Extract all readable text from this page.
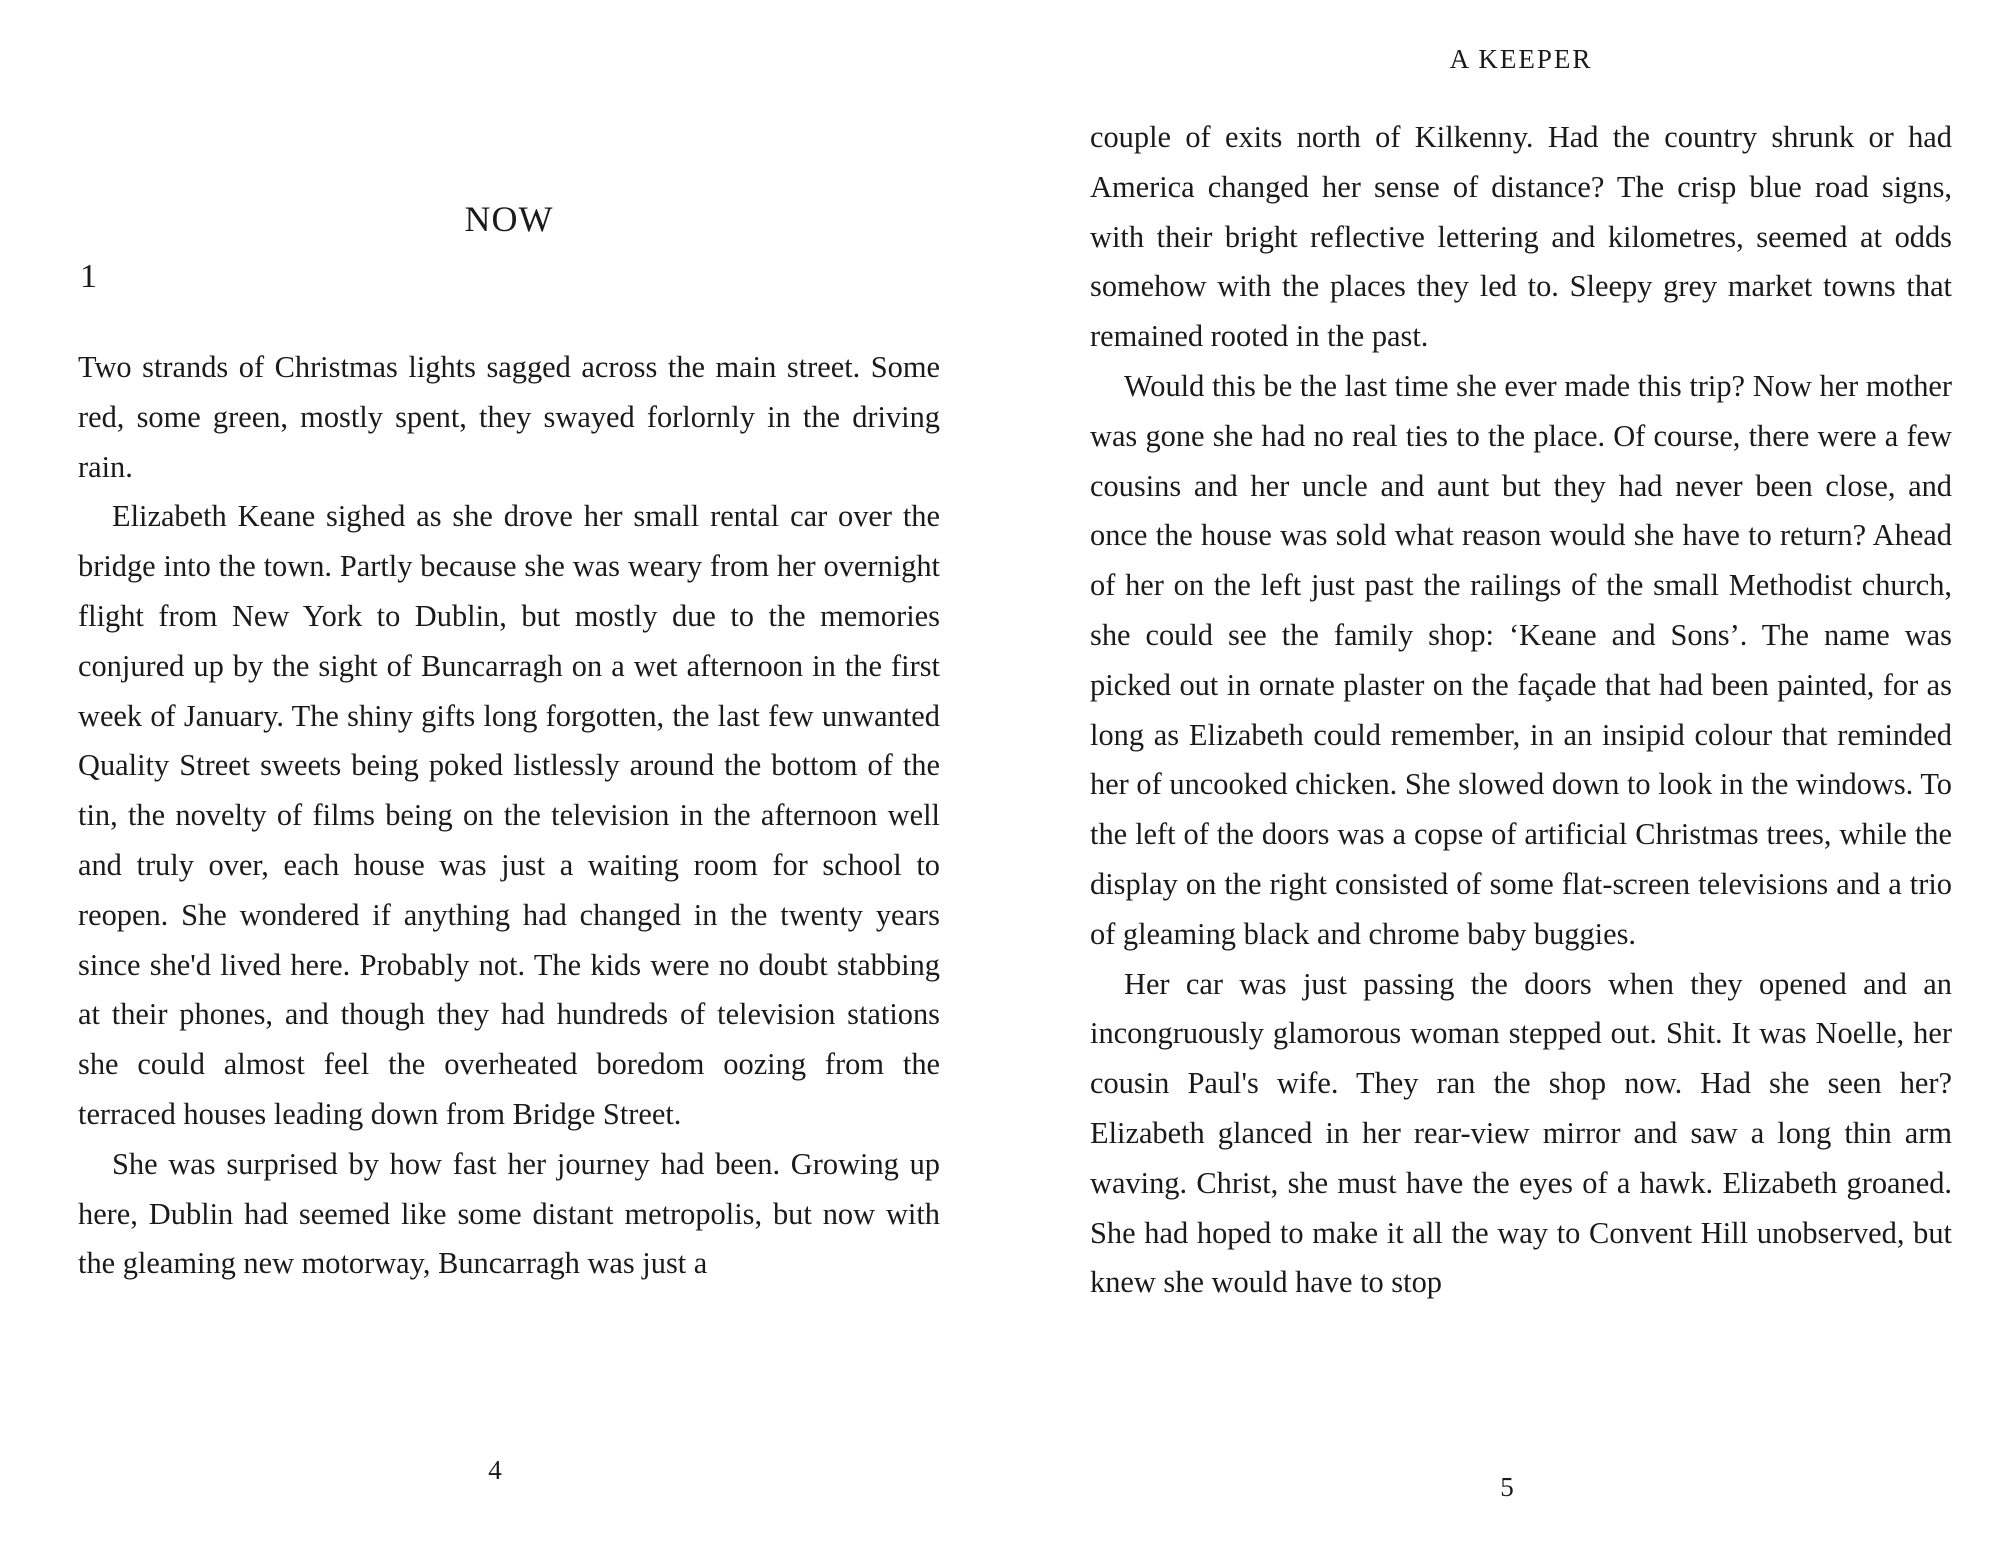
NOW
1

Two strands of Christmas lights sagged across the main street. Some red, some green, mostly spent, they swayed forlornly in the driving rain.

Elizabeth Keane sighed as she drove her small rental car over the bridge into the town. Partly because she was weary from her overnight flight from New York to Dublin, but mostly due to the memories conjured up by the sight of Buncarragh on a wet afternoon in the first week of January. The shiny gifts long forgotten, the last few unwanted Quality Street sweets being poked listlessly around the bottom of the tin, the novelty of films being on the television in the afternoon well and truly over, each house was just a waiting room for school to reopen. She wondered if anything had changed in the twenty years since she'd lived here. Probably not. The kids were no doubt stabbing at their phones, and though they had hundreds of television stations she could almost feel the overheated boredom oozing from the terraced houses leading down from Bridge Street.

She was surprised by how fast her journey had been. Growing up here, Dublin had seemed like some distant metropolis, but now with the gleaming new motorway, Buncarragh was just a

4
A KEEPER

couple of exits north of Kilkenny. Had the country shrunk or had America changed her sense of distance? The crisp blue road signs, with their bright reflective lettering and kilometres, seemed at odds somehow with the places they led to. Sleepy grey market towns that remained rooted in the past.

Would this be the last time she ever made this trip? Now her mother was gone she had no real ties to the place. Of course, there were a few cousins and her uncle and aunt but they had never been close, and once the house was sold what reason would she have to return? Ahead of her on the left just past the railings of the small Methodist church, she could see the family shop: ‘Keane and Sons’. The name was picked out in ornate plaster on the façade that had been painted, for as long as Elizabeth could remember, in an insipid colour that reminded her of uncooked chicken. She slowed down to look in the windows. To the left of the doors was a copse of artificial Christmas trees, while the display on the right consisted of some flat-screen televisions and a trio of gleaming black and chrome baby buggies.

Her car was just passing the doors when they opened and an incongruously glamorous woman stepped out. Shit. It was Noelle, her cousin Paul's wife. They ran the shop now. Had she seen her? Elizabeth glanced in her rear-view mirror and saw a long thin arm waving. Christ, she must have the eyes of a hawk. Elizabeth groaned. She had hoped to make it all the way to Convent Hill unobserved, but knew she would have to stop

5
